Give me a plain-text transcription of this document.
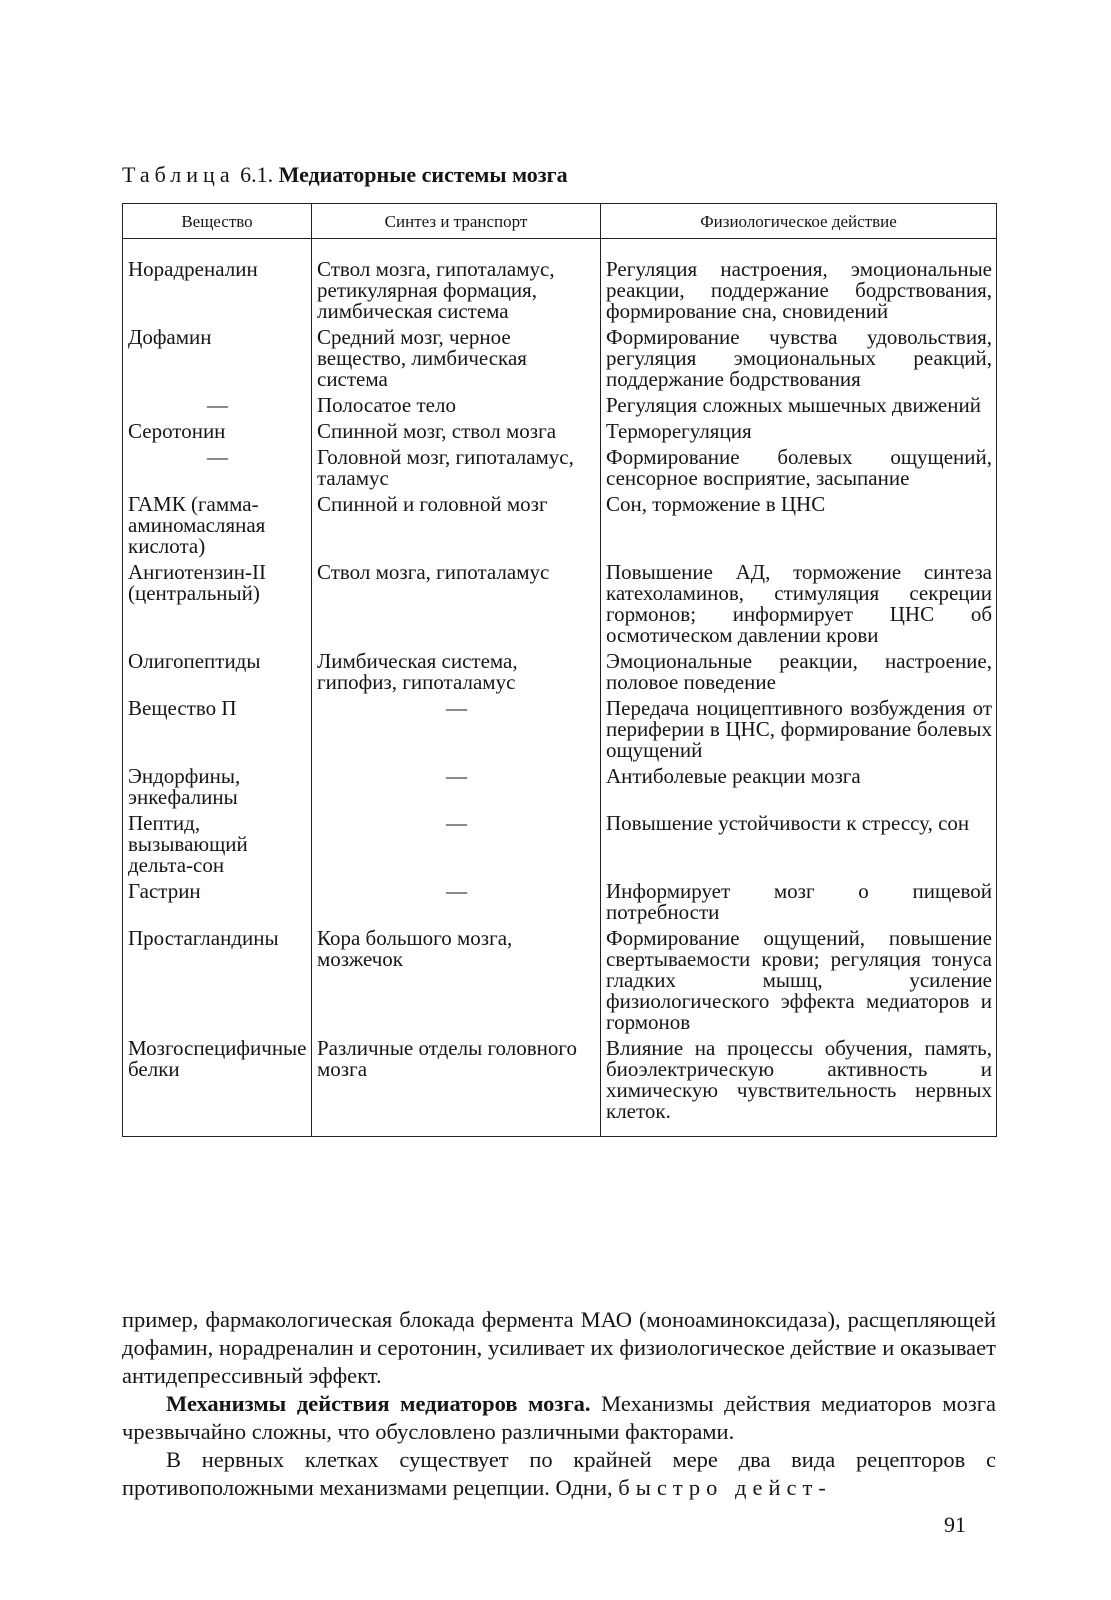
Таблица 6.1. Медиаторные системы мозга
Вещество	Синтез и транспорт	Физиологическое действие
Норадреналин	Ствол мозга, гипоталамус, ретикулярная формация, лимбическая система	Регуляция настроения, эмоциональные реакции, поддержание бодрствования, формирование сна, сновидений
Дофамин	Средний мозг, черное вещество, лимбическая система	Формирование чувства удовольствия, регуляция эмоциональных реакций, поддержание бодрствования
—	Полосатое тело	Регуляция сложных мышечных движений
Серотонин	Спинной мозг, ствол мозга	Терморегуляция
—	Головной мозг, гипоталамус, таламус	Формирование болевых ощущений, сенсорное восприятие, засыпание
ГАМК (гамма-аминомасляная кислота)	Спинной и головной мозг	Сон, торможение в ЦНС
Ангиотензин-II (центральный)	Ствол мозга, гипоталамус	Повышение АД, торможение синтеза катехоламинов, стимуляция секреции гормонов; информирует ЦНС об осмотическом давлении крови
Олигопептиды	Лимбическая система, гипофиз, гипоталамус	Эмоциональные реакции, настроение, половое поведение
Вещество П	—	Передача ноцицептивного возбуждения от периферии в ЦНС, формирование болевых ощущений
Эндорфины, энкефалины	—	Антиболевые реакции мозга
Пептид, вызывающий дельта-сон	—	Повышение устойчивости к стрессу, сон
Гастрин	—	Информирует мозг о пищевой потребности
Простагландины	Кора большого мозга, мозжечок	Формирование ощущений, повышение свертываемости крови; регуляция тонуса гладких мышц, усиление физиологического эффекта медиаторов и гормонов
Мозгоспецифичные белки	Различные отделы головного мозга	Влияние на процессы обучения, память, биоэлектрическую активность и химическую чувствительность нервных клеток.

пример, фармакологическая блокада фермента МАО (моноаминоксидаза), расщепляющей дофамин, норадреналин и серотонин, усиливает их физиологическое действие и оказывает антидепрессивный эффект.

Механизмы действия медиаторов мозга. Механизмы действия медиаторов мозга чрезвычайно сложны, что обусловлено различными факторами.

В нервных клетках существует по крайней мере два вида рецепторов с противоположными механизмами рецепции. Одни, быстро дейст-

91
